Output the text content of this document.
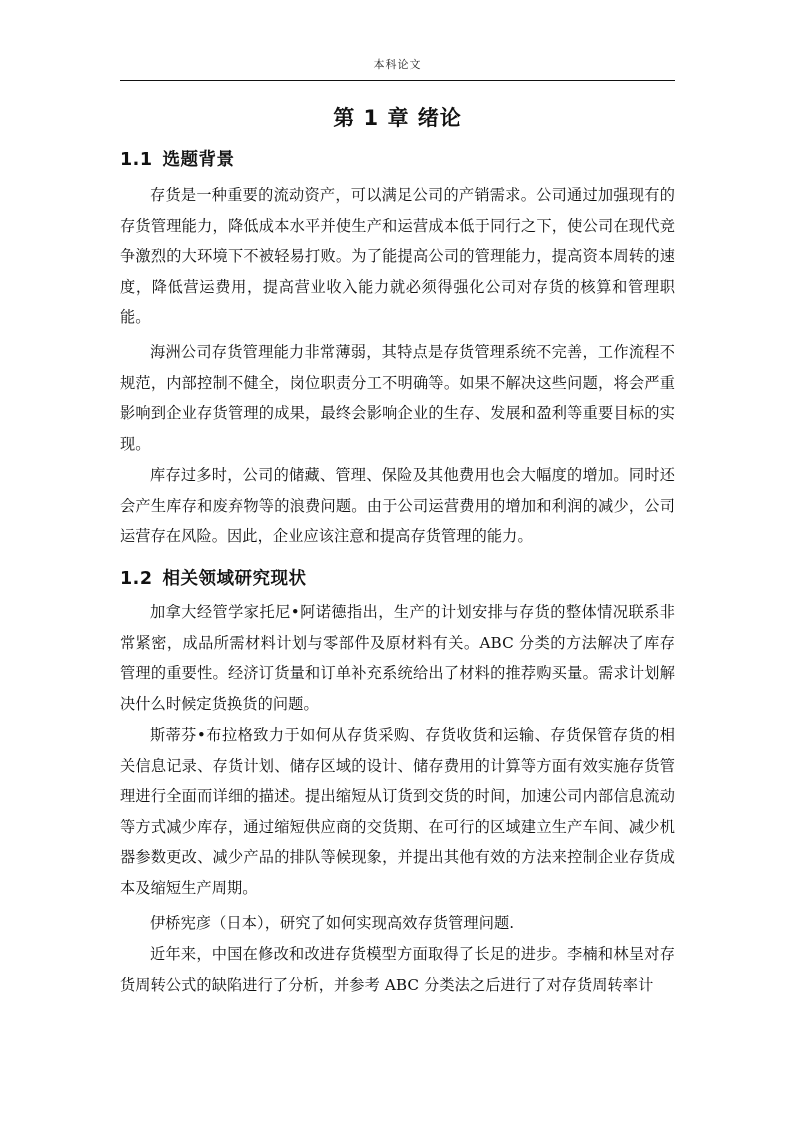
本科论文
第 1 章 绪论
1.1 选题背景

存货是一种重要的流动资产，可以满足公司的产销需求。公司通过加强现有的存货管理能力，降低成本水平并使生产和运营成本低于同行之下，使公司在现代竞争激烈的大环境下不被轻易打败。为了能提高公司的管理能力，提高资本周转的速度，降低营运费用，提高营业收入能力就必须得强化公司对存货的核算和管理职能。

海洲公司存货管理能力非常薄弱，其特点是存货管理系统不完善，工作流程不规范，内部控制不健全，岗位职责分工不明确等。如果不解决这些问题，将会严重影响到企业存货管理的成果，最终会影响企业的生存、发展和盈利等重要目标的实现。

库存过多时，公司的储藏、管理、保险及其他费用也会大幅度的增加。同时还会产生库存和废弃物等的浪费问题。由于公司运营费用的增加和利润的减少，公司运营存在风险。因此，企业应该注意和提高存货管理的能力。

1.2 相关领域研究现状

加拿大经管学家托尼•阿诺德指出，生产的计划安排与存货的整体情况联系非常紧密，成品所需材料计划与零部件及原材料有关。ABC 分类的方法解决了库存管理的重要性。经济订货量和订单补充系统给出了材料的推荐购买量。需求计划解决什么时候定货换货的问题。

斯蒂芬•布拉格致力于如何从存货采购、存货收货和运输、存货保管存货的相关信息记录、存货计划、储存区域的设计、储存费用的计算等方面有效实施存货管理进行全面而详细的描述。提出缩短从订货到交货的时间，加速公司内部信息流动等方式减少库存，通过缩短供应商的交货期、在可行的区域建立生产车间、减少机器参数更改、减少产品的排队等候现象，并提出其他有效的方法来控制企业存货成本及缩短生产周期。

伊桥宪彦（日本），研究了如何实现高效存货管理问题.

近年来，中国在修改和改进存货模型方面取得了长足的进步。李楠和林呈对存货周转公式的缺陷进行了分析，并参考 ABC 分类法之后进行了对存货周转率计
